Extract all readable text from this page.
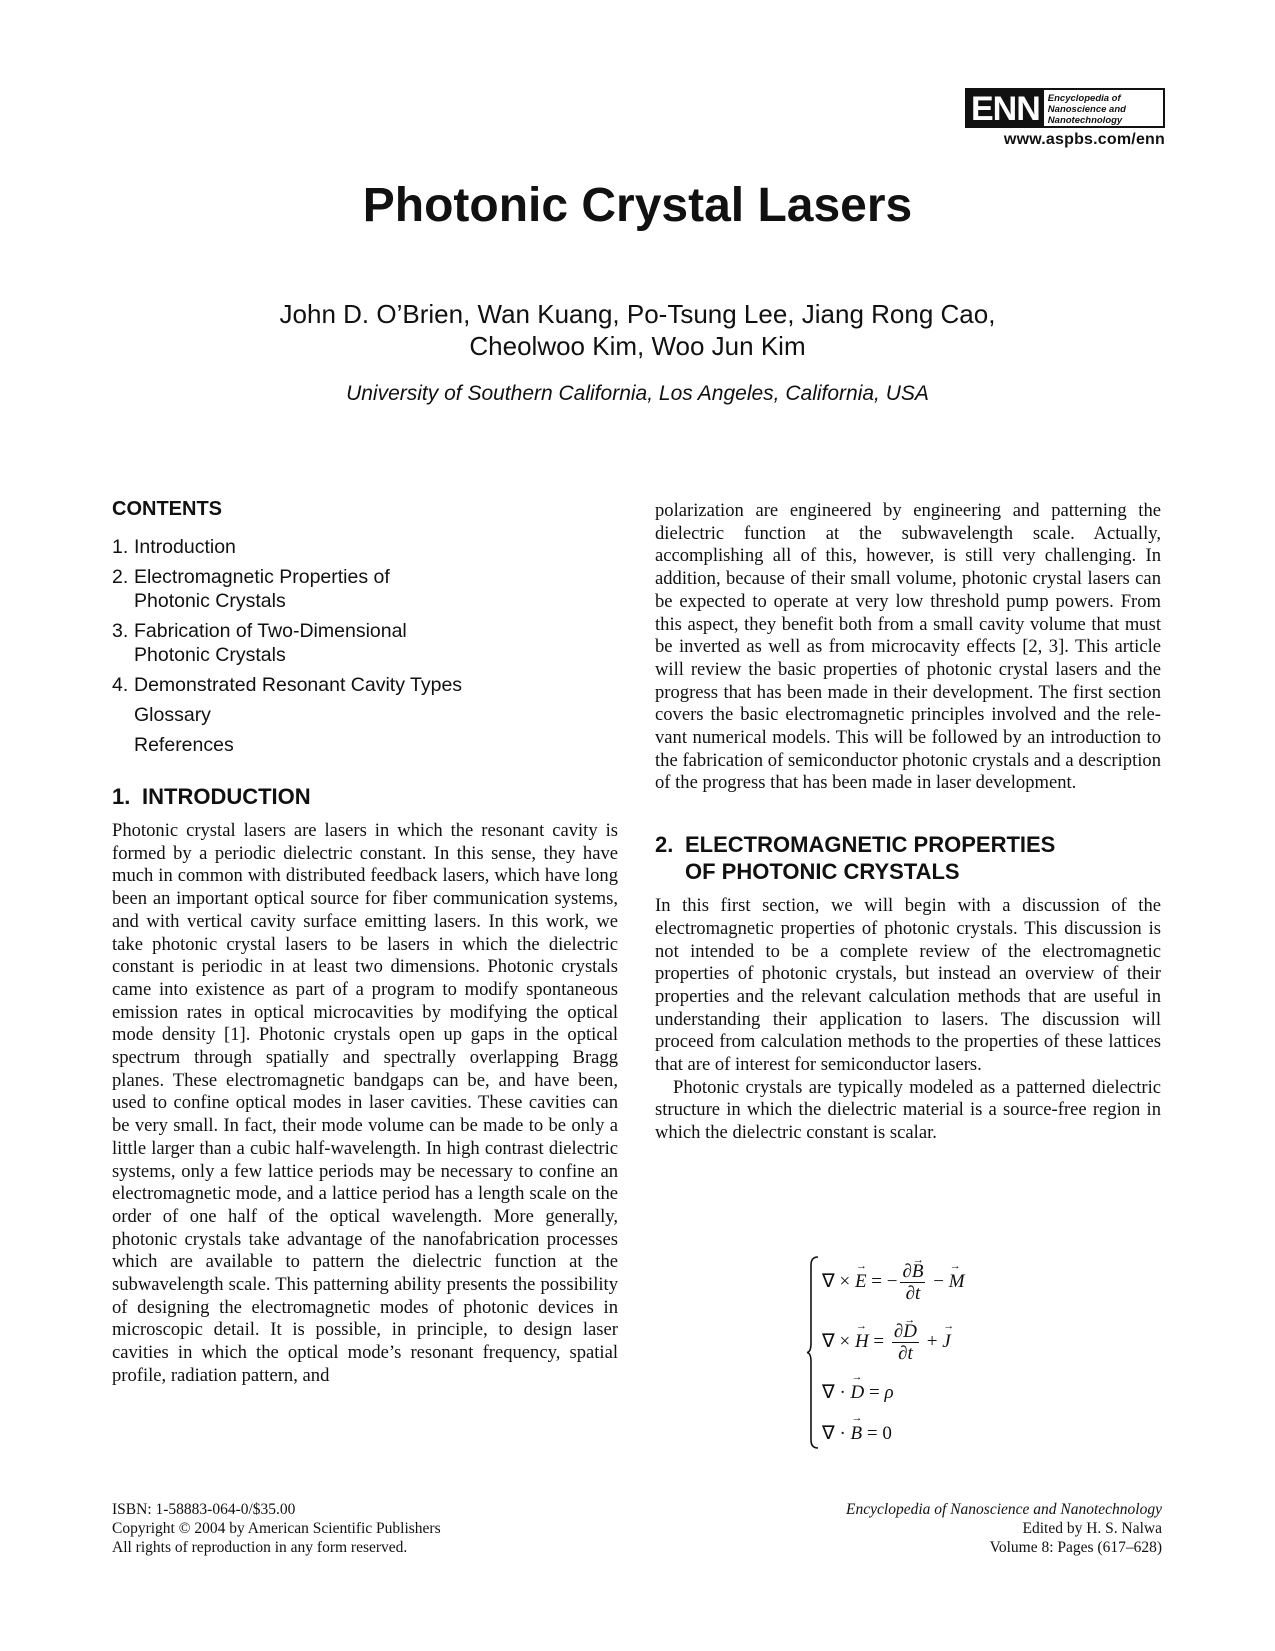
ENN Encyclopedia of
Nanoscience and
Nanotechnology
www.aspbs.com/enn
Photonic Crystal Lasers
John D. O’Brien, Wan Kuang, Po-Tsung Lee, Jiang Rong Cao,
Cheolwoo Kim, Woo Jun Kim
University of Southern California, Los Angeles, California, USA
CONTENTS
1. Introduction
2. Electromagnetic Properties of Photonic Crystals
3. Fabrication of Two-Dimensional Photonic Crystals
4. Demonstrated Resonant Cavity Types
Glossary
References
1. INTRODUCTION

Photonic crystal lasers are lasers in which the resonant cavity is formed by a periodic dielectric constant. In this sense, they have much in common with distributed feedback lasers, which have long been an important optical source for fiber communication systems, and with vertical cavity surface emitting lasers. In this work, we take photonic crystal lasers to be lasers in which the dielectric constant is periodic in at least two dimensions. Photonic crystals came into existence as part of a program to modify spontaneous emission rates in optical microcavities by modifying the optical mode density [1]. Photonic crystals open up gaps in the optical spectrum through spatially and spectrally overlapping Bragg planes. These electromagnetic bandgaps can be, and have been, used to confine optical modes in laser cavities. These cavities can be very small. In fact, their mode volume can be made to be only a little larger than a cubic half-wavelength. In high contrast dielectric systems, only a few lattice periods may be necessary to confine an electromagnetic mode, and a lattice period has a length scale on the order of one half of the optical wavelength. More generally, photonic crystals take advantage of the nanofabrication processes which are available to pattern the dielectric function at the subwavelength scale. This patterning ability presents the possibility of designing the electromagnetic modes of photonic devices in microscopic detail. It is possible, in principle, to design laser cavities in which the optical mode’s resonant frequency, spatial profile, radiation pattern, and

polarization are engineered by engineering and patterning the dielectric function at the subwavelength scale. Actually, accomplishing all of this, however, is still very challenging. In addition, because of their small volume, photonic crystal lasers can be expected to operate at very low threshold pump powers. From this aspect, they benefit both from a small cavity volume that must be inverted as well as from microcavity effects [2, 3]. This article will review the basic properties of photonic crystal lasers and the progress that has been made in their development. The first section covers the basic electromagnetic principles involved and the relevant numerical models. This will be followed by an introduction to the fabrication of semiconductor photonic crystals and a description of the progress that has been made in laser development.

2. ELECTROMAGNETIC PROPERTIES
OF PHOTONIC CRYSTALS

In this first section, we will begin with a discussion of the electromagnetic properties of photonic crystals. This discussion is not intended to be a complete review of the electromagnetic properties of photonic crystals, but instead an overview of their properties and the relevant calculation methods that are useful in understanding their application to lasers. The discussion will proceed from calculation methods to the properties of these lattices that are of interest for semiconductor lasers.

Photonic crystals are typically modeled as a patterned dielectric structure in which the dielectric material is a source-free region in which the dielectric constant is scalar.

∇ × → E = − $\frac{\partial\to B}{\partial t}$ − → M
∇ × → $H = \frac{\partial\to D}{\partial t}$ + → J
∇ · → D = ρ
∇ · → B = 0
ISBN: 1-58883-064-0/$35.00
Copyright © 2004 by American Scientific Publishers
All rights of reproduction in any form reserved.
Encyclopedia of Nanoscience and Nanotechnology
Edited by H. S. Nalwa
Volume 8: Pages (617–628)
